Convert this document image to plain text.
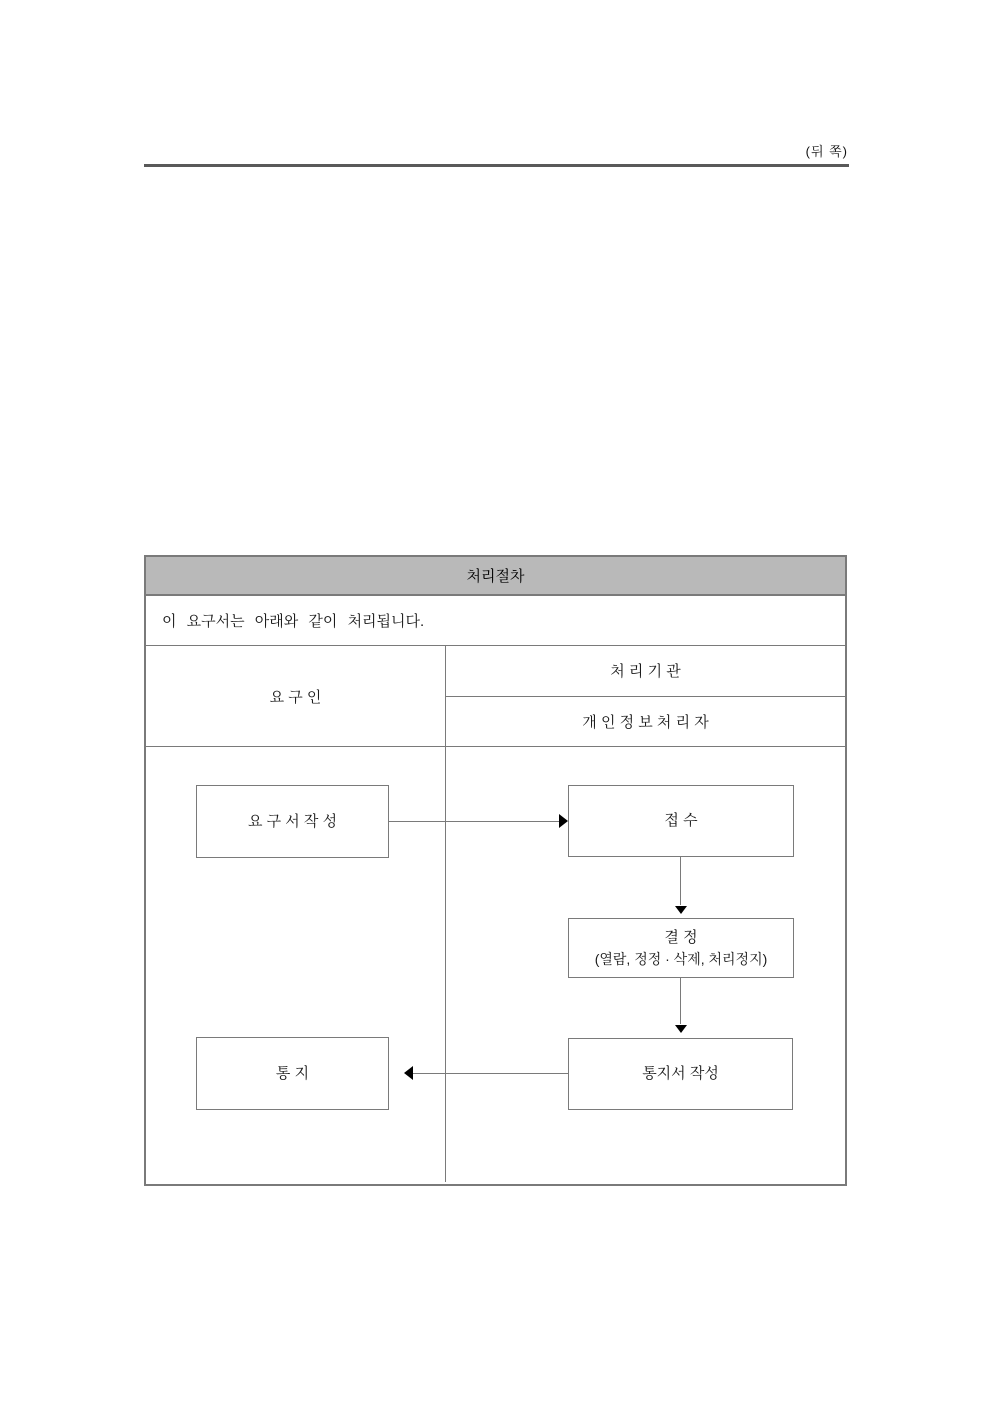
(뒤 쪽)
처리절차
이 요구서는 아래와 같이 처리됩니다.
요 구 인
처 리 기 관
개 인 정 보 처 리 자
요 구 서 작 성	접 수
결 정
(열람, 정정 · 삭제, 처리정지)
통지서 작성
통 지
